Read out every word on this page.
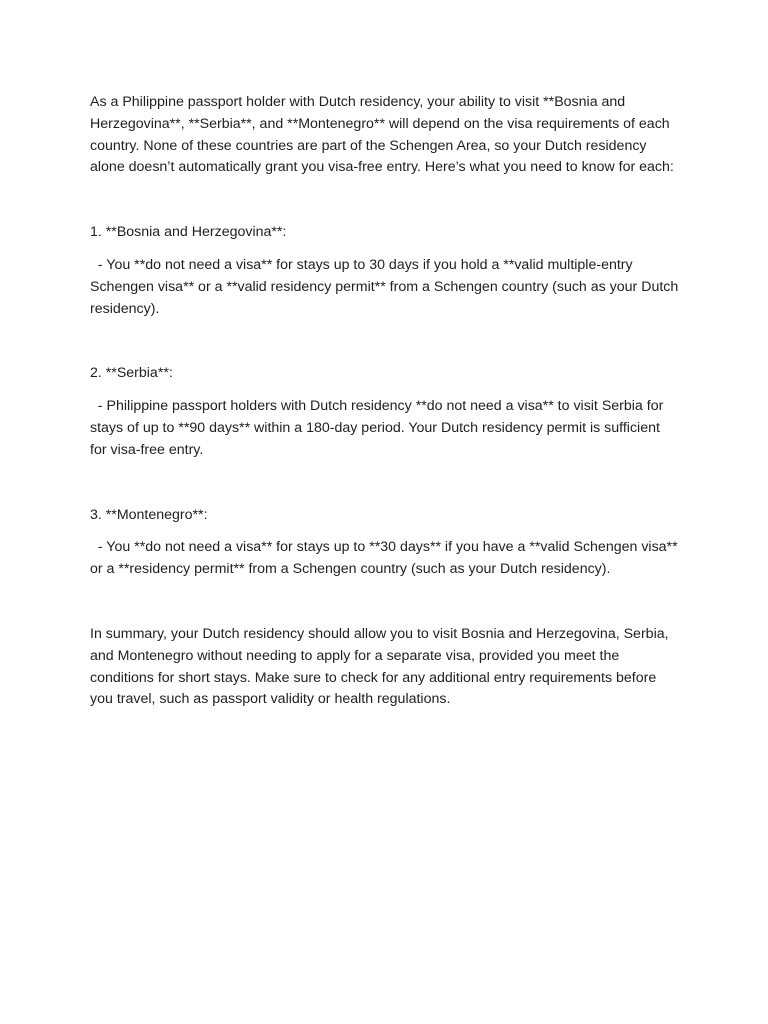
As a Philippine passport holder with Dutch residency, your ability to visit **Bosnia and Herzegovina**, **Serbia**, and **Montenegro** will depend on the visa requirements of each country. None of these countries are part of the Schengen Area, so your Dutch residency alone doesn’t automatically grant you visa-free entry. Here’s what you need to know for each:

1. **Bosnia and Herzegovina**:

- You **do not need a visa** for stays up to 30 days if you hold a **valid multiple-entry Schengen visa** or a **valid residency permit** from a Schengen country (such as your Dutch residency).

2. **Serbia**:

- Philippine passport holders with Dutch residency **do not need a visa** to visit Serbia for stays of up to **90 days** within a 180-day period. Your Dutch residency permit is sufficient for visa-free entry.

3. **Montenegro**:

- You **do not need a visa** for stays up to **30 days** if you have a **valid Schengen visa** or a **residency permit** from a Schengen country (such as your Dutch residency).

In summary, your Dutch residency should allow you to visit Bosnia and Herzegovina, Serbia, and Montenegro without needing to apply for a separate visa, provided you meet the conditions for short stays. Make sure to check for any additional entry requirements before you travel, such as passport validity or health regulations.
